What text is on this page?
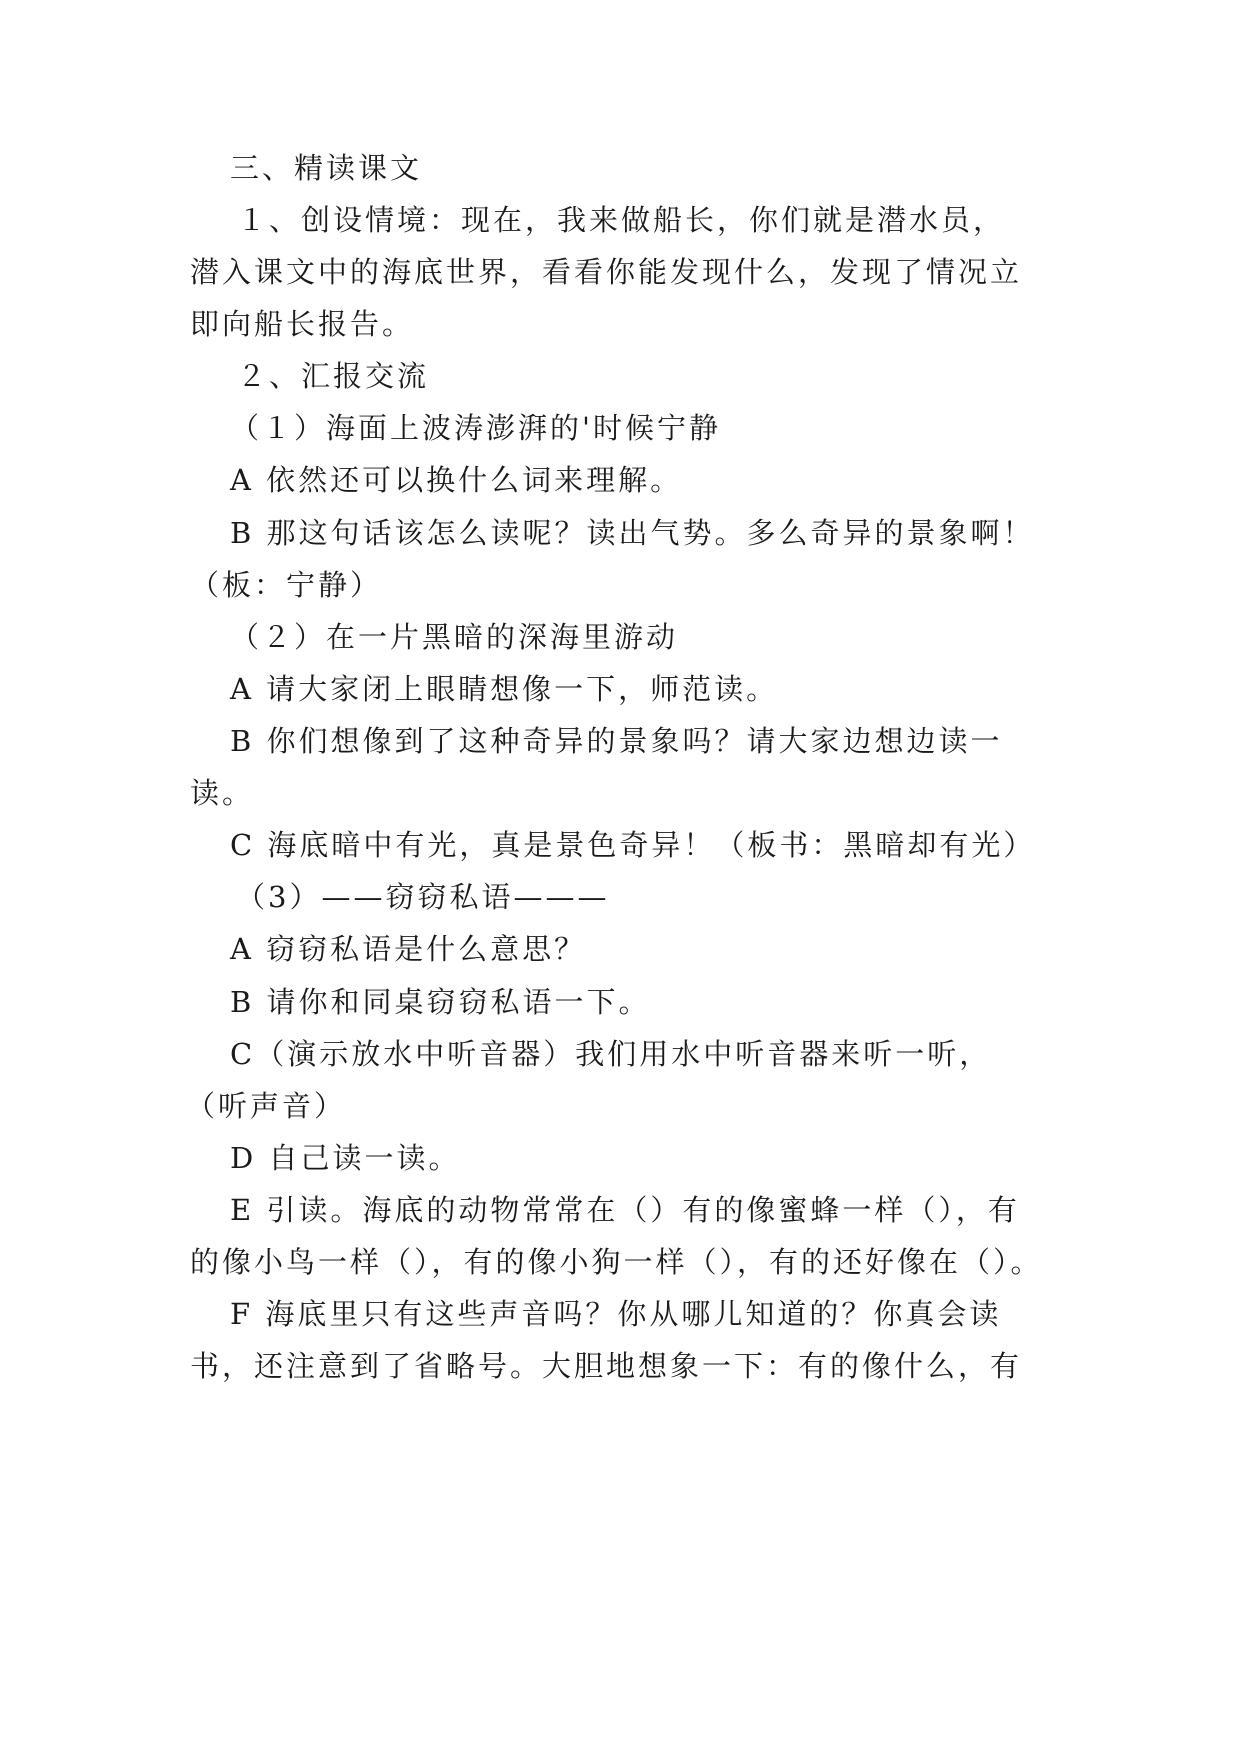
三、精读课文
１、创设情境：现在，我来做船长，你们就是潜水员，
潜入课文中的海底世界，看看你能发现什么，发现了情况立
即向船长报告。
２、汇报交流
（１）海面上波涛澎湃的'时候宁静
A 依然还可以换什么词来理解。
B 那这句话该怎么读呢？读出气势。多么奇异的景象啊！
（板：宁静）
（２）在一片黑暗的深海里游动
A 请大家闭上眼睛想像一下，师范读。
B 你们想像到了这种奇异的景象吗？请大家边想边读一
读。
C 海底暗中有光，真是景色奇异！（板书：黑暗却有光）
（3）——窃窃私语———
A 窃窃私语是什么意思？
B 请你和同桌窃窃私语一下。
C（演示放水中听音器）我们用水中听音器来听一听，
（听声音）
D 自己读一读。
E 引读。海底的动物常常在（）有的像蜜蜂一样（），有
的像小鸟一样（），有的像小狗一样（），有的还好像在（）。
F 海底里只有这些声音吗？你从哪儿知道的？你真会读
书，还注意到了省略号。大胆地想象一下：有的像什么，有
